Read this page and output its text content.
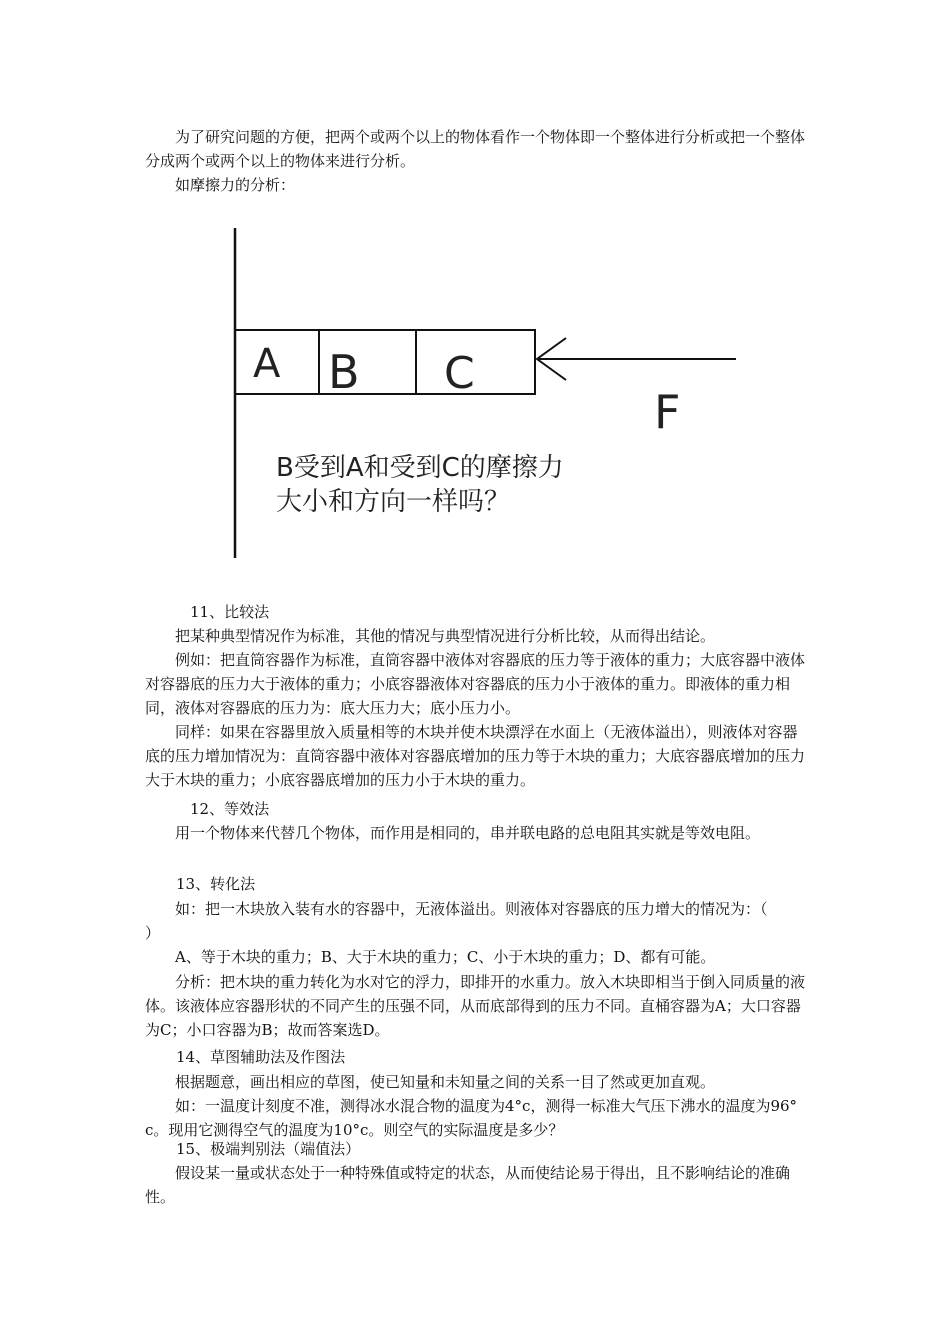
为了研究问题的方便，把两个或两个以上的物体看作一个物体即一个整体进行分析或把一个整体分成两个或两个以上的物体来进行分析。

如摩擦力的分析：

A B C
F
B受到A和受到C的摩擦力
大小和方向一样吗？

11、比较法

把某种典型情况作为标准，其他的情况与典型情况进行分析比较，从而得出结论。

例如：把直筒容器作为标准，直筒容器中液体对容器底的压力等于液体的重力；大底容器中液体对容器底的压力大于液体的重力；小底容器液体对容器底的压力小于液体的重力。即液体的重力相同，液体对容器底的压力为：底大压力大；底小压力小。

同样：如果在容器里放入质量相等的木块并使木块漂浮在水面上（无液体溢出），则液体对容器底的压力增加情况为：直筒容器中液体对容器底增加的压力等于木块的重力；大底容器底增加的压力大于木块的重力；小底容器底增加的压力小于木块的重力。

12、等效法

用一个物体来代替几个物体，而作用是相同的，串并联电路的总电阻其实就是等效电阻。

13、转化法

如：把一木块放入装有水的容器中，无液体溢出。则液体对容器底的压力增大的情况为：（　　　　）

A、等于木块的重力；B、大于木块的重力；C、小于木块的重力；D、都有可能。

分析：把木块的重力转化为水对它的浮力，即排开的水重力。放入木块即相当于倒入同质量的液体。该液体应容器形状的不同产生的压强不同，从而底部得到的压力不同。直桶容器为A；大口容器为C；小口容器为B；故而答案选D。

14、草图辅助法及作图法

根据题意，画出相应的草图，使已知量和未知量之间的关系一目了然或更加直观。

如：一温度计刻度不准，测得冰水混合物的温度为4°c，测得一标准大气压下沸水的温度为96°c。现用它测得空气的温度为10°c。则空气的实际温度是多少？

15、极端判别法（端值法）

假设某一量或状态处于一种特殊值或特定的状态，从而使结论易于得出，且不影响结论的准确性。
